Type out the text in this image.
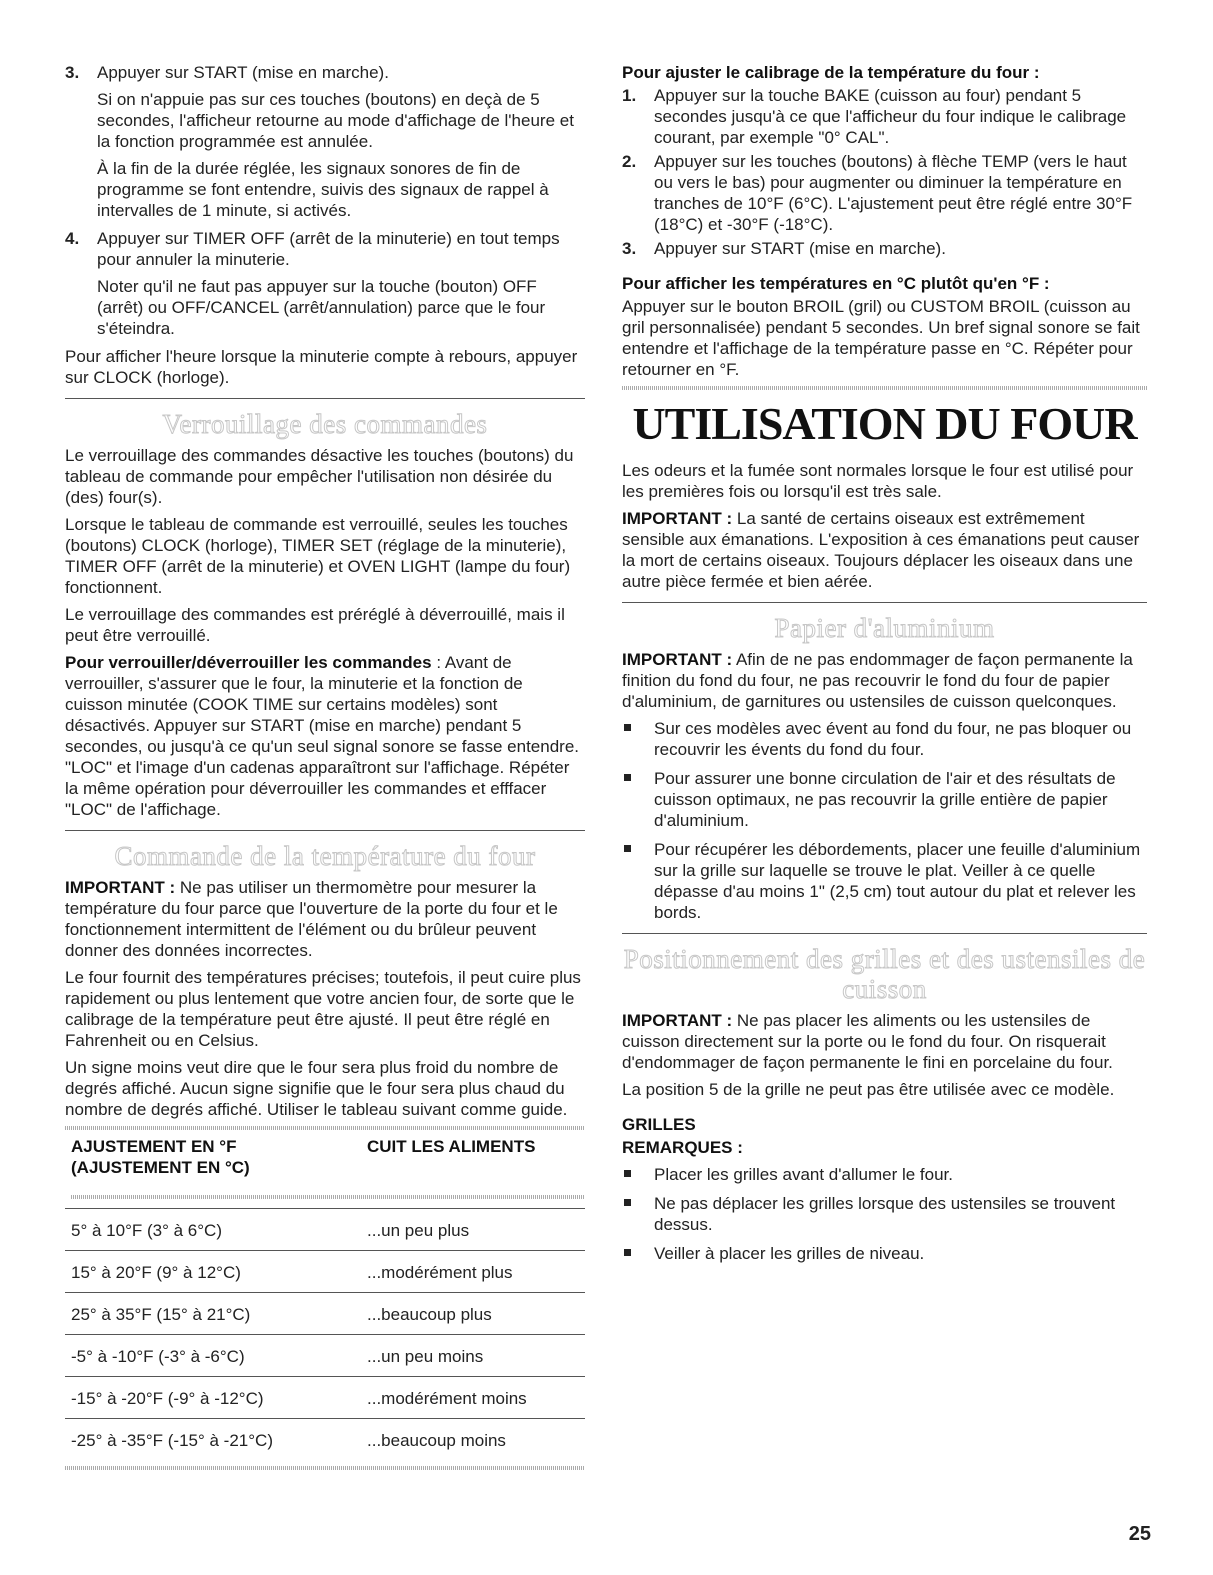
3. Appuyer sur START (mise en marche).

Si on n'appuie pas sur ces touches (boutons) en deçà de 5 secondes, l'afficheur retourne au mode d'affichage de l'heure et la fonction programmée est annulée.

À la fin de la durée réglée, les signaux sonores de fin de programme se font entendre, suivis des signaux de rappel à intervalles de 1 minute, si activés.

4. Appuyer sur TIMER OFF (arrêt de la minuterie) en tout temps pour annuler la minuterie.

Noter qu'il ne faut pas appuyer sur la touche (bouton) OFF (arrêt) ou OFF/CANCEL (arrêt/annulation) parce que le four s'éteindra.

Pour afficher l'heure lorsque la minuterie compte à rebours, appuyer sur CLOCK (horloge).

Verrouillage des commandes

Le verrouillage des commandes désactive les touches (boutons) du tableau de commande pour empêcher l'utilisation non désirée du (des) four(s).

Lorsque le tableau de commande est verrouillé, seules les touches (boutons) CLOCK (horloge), TIMER SET (réglage de la minuterie), TIMER OFF (arrêt de la minuterie) et OVEN LIGHT (lampe du four) fonctionnent.

Le verrouillage des commandes est préréglé à déverrouillé, mais il peut être verrouillé.

Pour verrouiller/déverrouiller les commandes : Avant de verrouiller, s'assurer que le four, la minuterie et la fonction de cuisson minutée (COOK TIME sur certains modèles) sont désactivés. Appuyer sur START (mise en marche) pendant 5 secondes, ou jusqu'à ce qu'un seul signal sonore se fasse entendre. "LOC" et l'image d'un cadenas apparaîtront sur l'affichage. Répéter la même opération pour déverrouiller les commandes et efffacer "LOC" de l'affichage.

Commande de la température du four

IMPORTANT : Ne pas utiliser un thermomètre pour mesurer la température du four parce que l'ouverture de la porte du four et le fonctionnement intermittent de l'élément ou du brûleur peuvent donner des données incorrectes.

Le four fournit des températures précises; toutefois, il peut cuire plus rapidement ou plus lentement que votre ancien four, de sorte que le calibrage de la température peut être ajusté. Il peut être réglé en Fahrenheit ou en Celsius.

Un signe moins veut dire que le four sera plus froid du nombre de degrés affiché. Aucun signe signifie que le four sera plus chaud du nombre de degrés affiché. Utiliser le tableau suivant comme guide.

AJUSTEMENT EN °F
(AJUSTEMENT EN °C)	CUIT LES ALIMENTS

5° à 10°F (3° à 6°C)	...un peu plus
15° à 20°F (9° à 12°C)	...modérément plus
25° à 35°F (15° à 21°C)	...beaucoup plus
-5° à -10°F (-3° à -6°C)	...un peu moins
-15° à -20°F (-9° à -12°C)	...modérément moins
-25° à -35°F (-15° à -21°C)	...beaucoup moins
Pour ajuster le calibrage de la température du four :
1. Appuyer sur la touche BAKE (cuisson au four) pendant 5 secondes jusqu'à ce que l'afficheur du four indique le calibrage courant, par exemple "0° CAL".
2. Appuyer sur les touches (boutons) à flèche TEMP (vers le haut ou vers le bas) pour augmenter ou diminuer la température en tranches de 10°F (6°C). L'ajustement peut être réglé entre 30°F (18°C) et -30°F (-18°C).
3. Appuyer sur START (mise en marche).
Pour afficher les températures en °C plutôt qu'en °F :

Appuyer sur le bouton BROIL (gril) ou CUSTOM BROIL (cuisson au gril personnalisée) pendant 5 secondes. Un bref signal sonore se fait entendre et l'affichage de la température passe en °C. Répéter pour retourner en °F.

UTILISATION DU FOUR

Les odeurs et la fumée sont normales lorsque le four est utilisé pour les premières fois ou lorsqu'il est très sale.

IMPORTANT : La santé de certains oiseaux est extrêmement sensible aux émanations. L'exposition à ces émanations peut causer la mort de certains oiseaux. Toujours déplacer les oiseaux dans une autre pièce fermée et bien aérée.

Papier d'aluminium

IMPORTANT : Afin de ne pas endommager de façon permanente la finition du fond du four, ne pas recouvrir le fond du four de papier d'aluminium, de garnitures ou ustensiles de cuisson quelconques.

Sur ces modèles avec évent au fond du four, ne pas bloquer ou recouvrir les évents du fond du four.
Pour assurer une bonne circulation de l'air et des résultats de cuisson optimaux, ne pas recouvrir la grille entière de papier d'aluminium.
Pour récupérer les débordements, placer une feuille d'aluminium sur la grille sur laquelle se trouve le plat. Veiller à ce quelle dépasse d'au moins 1" (2,5 cm) tout autour du plat et relever les bords.
Positionnement des grilles et des ustensiles de cuisson

IMPORTANT : Ne pas placer les aliments ou les ustensiles de cuisson directement sur la porte ou le fond du four. On risquerait d'endommager de façon permanente le fini en porcelaine du four.

La position 5 de la grille ne peut pas être utilisée avec ce modèle.

GRILLES
REMARQUES :
Placer les grilles avant d'allumer le four.
Ne pas déplacer les grilles lorsque des ustensiles se trouvent dessus.
Veiller à placer les grilles de niveau.
25
